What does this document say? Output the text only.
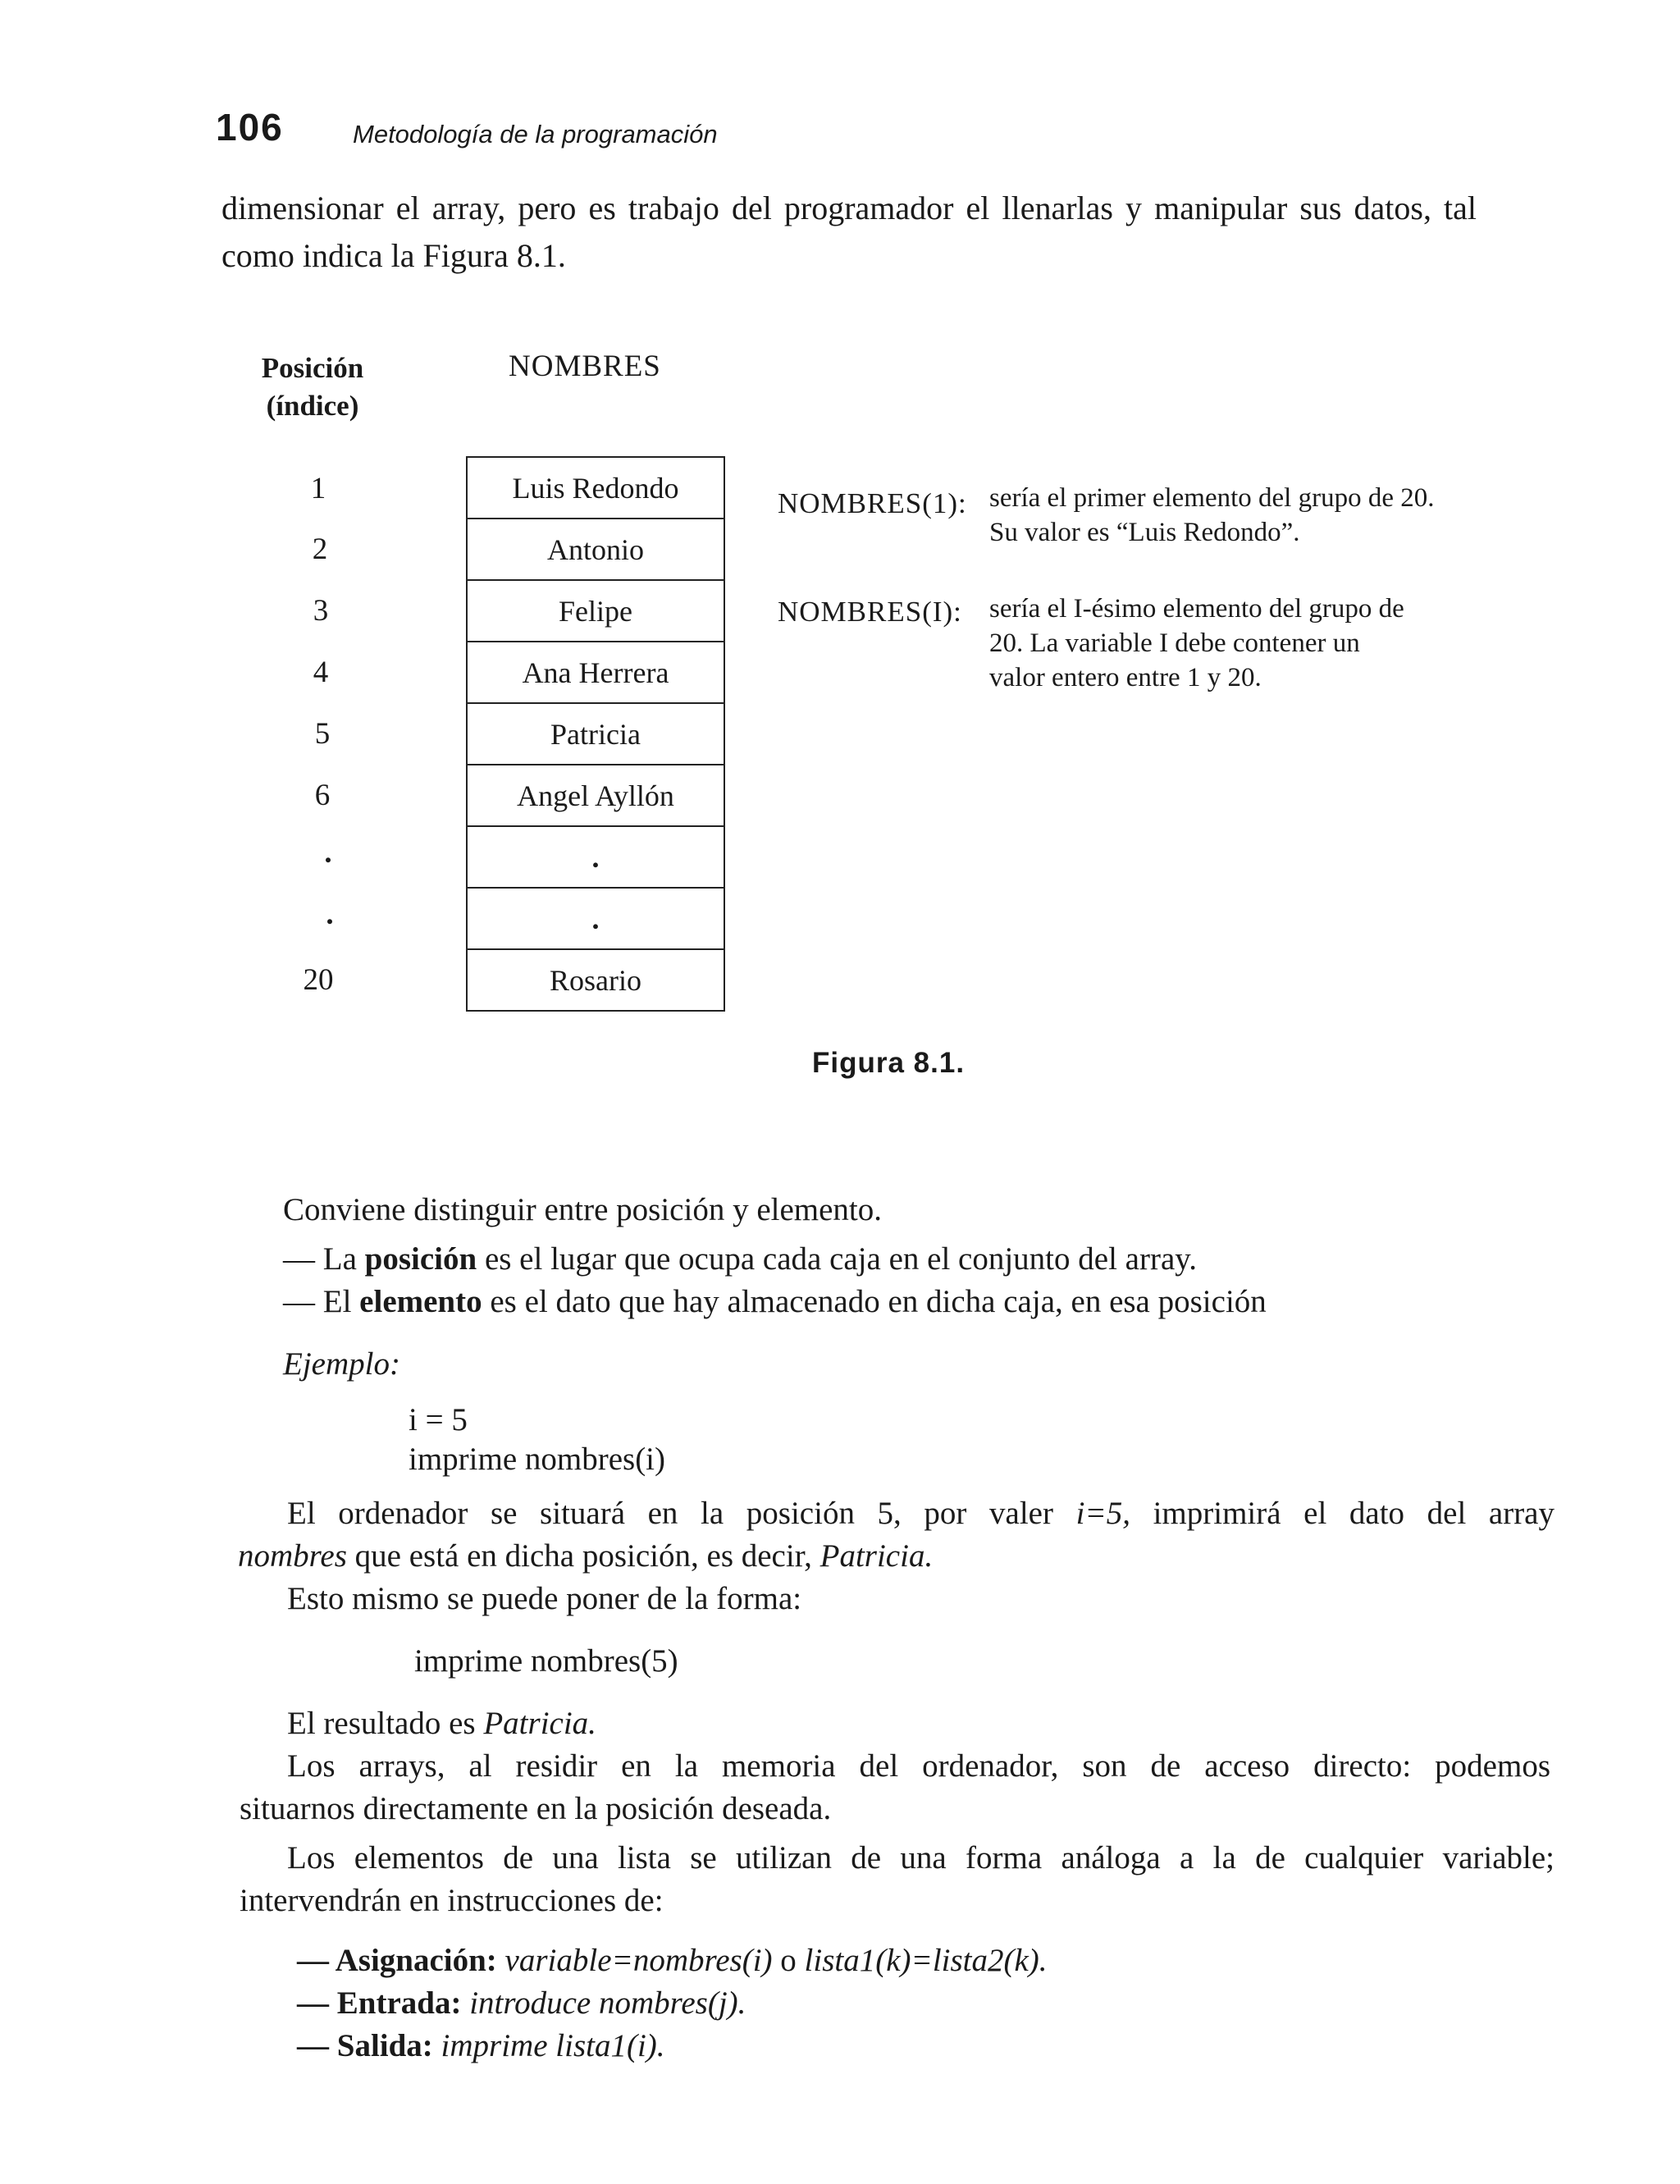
106	Metodología de la programación
dimensionar el array, pero es trabajo del programador el llenarlas y manipular sus datos, tal
como indica la Figura 8.1.
Posición
(índice)
NOMBRES
1
2
3
4
5
6
.
.
20
Luis Redondo
Antonio
Felipe
Ana Herrera
Patricia
Angel Ayllón
.
.
Rosario
NOMBRES(1): sería el primer elemento del grupo de 20.
Su valor es “Luis Redondo”.
NOMBRES(I): sería el I-ésimo elemento del grupo de
20. La variable I debe contener un
valor entero entre 1 y 20.
Figura 8.1.
Conviene distinguir entre posición y elemento.
— La posición es el lugar que ocupa cada caja en el conjunto del array.
— El elemento es el dato que hay almacenado en dicha caja, en esa posición
Ejemplo:
i = 5
imprime nombres(i)
El ordenador se situará en la posición 5, por valer i=5, imprimirá el dato del array
nombres que está en dicha posición, es decir, Patricia.
Esto mismo se puede poner de la forma:
imprime nombres(5)
El resultado es Patricia.
Los arrays, al residir en la memoria del ordenador, son de acceso directo: podemos
situarnos directamente en la posición deseada.
Los elementos de una lista se utilizan de una forma análoga a la de cualquier variable;
intervendrán en instrucciones de:
— Asignación: variable=nombres(i) o lista1(k)=lista2(k).
— Entrada: introduce nombres(j).
— Salida: imprime lista1(i).
